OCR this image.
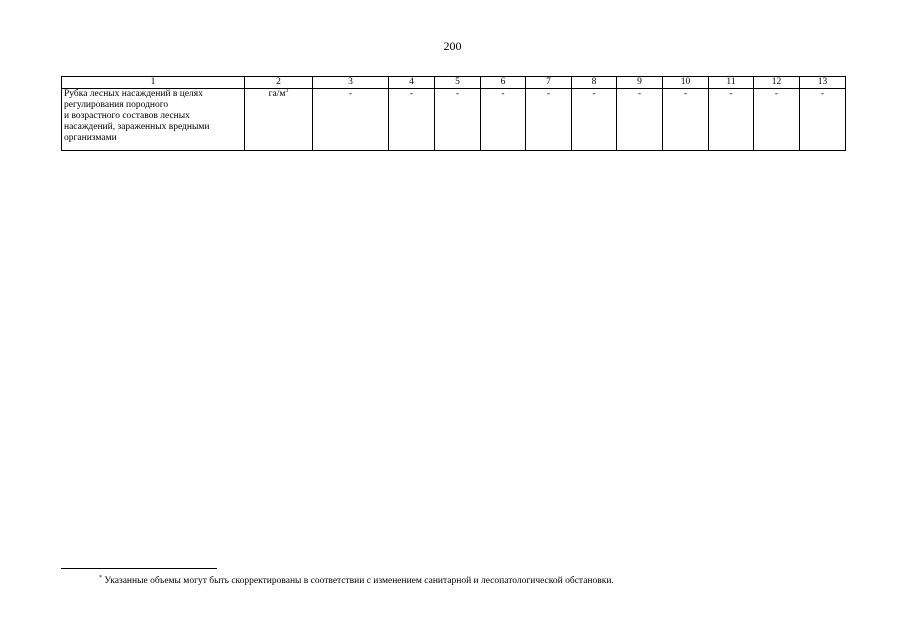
200
1	2	3	4	5	6	7	8	9	10	11	12	13

Рубка лесных насаждений в целях
регулирования породного
и возрастного составов лесных
насаждений, зараженных вредными
организмами	$га/м^3$	-	-	-	-	-	-	-	-	-	-	-
* Указанные объемы могут быть скорректированы в соответствии с изменением санитарной и лесопатологической обстановки.
